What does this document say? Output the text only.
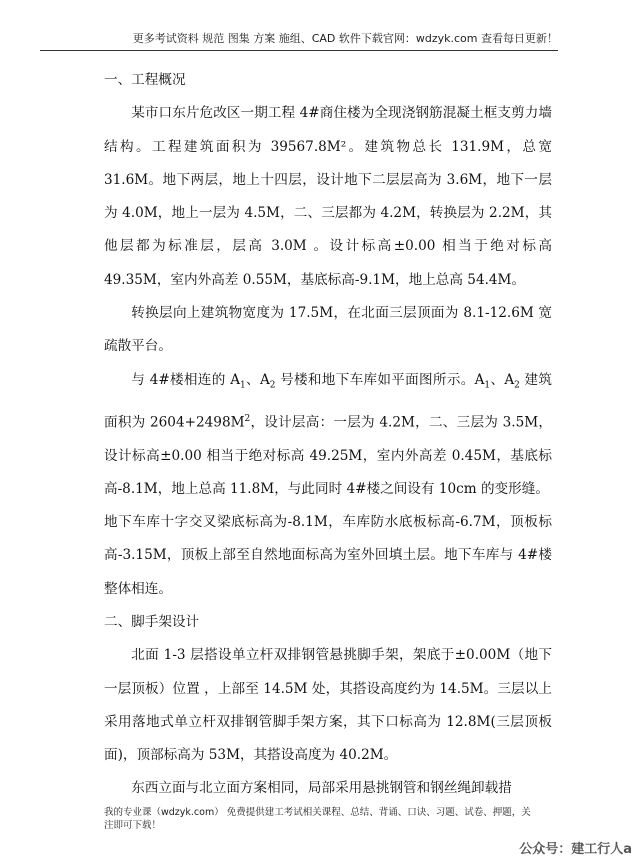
更多考试资料 规范 图集 方案 施组、CAD 软件下载官网：wdzyk.com 查看每日更新！
一、工程概况

某市口东片危改区一期工程 4#商住楼为全现浇钢筋混凝土框支剪力墙结构。工程建筑面积为 39567.8M²。建筑物总长 131.9M，总宽 31.6M。地下两层，地上十四层，设计地下二层层高为 3.6M，地下一层为 4.0M，地上一层为 4.5M，二、三层都为 4.2M，转换层为 2.2M，其他层都为标准层，层高 3.0M 。设计标高±0.00 相当于绝对标高 49.35M，室内外高差 0.55M，基底标高-9.1M，地上总高 54.4M。

转换层向上建筑物宽度为 17.5M，在北面三层顶面为 8.1-12.6M 宽疏散平台。

与 4#楼相连的 $A_1$、$A_2$ 号楼和地下车库如平面图所示。$A_1$、$A_2$ 建筑面积为 $2604+2498M^2$，设计层高：一层为 4.2M，二、三层为 3.5M，设计标高±0.00 相当于绝对标高 49.25M，室内外高差 0.45M，基底标高-8.1M，地上总高 11.8M，与此同时 4#楼之间设有 10cm 的变形缝。

地下车库十字交叉梁底标高为-8.1M，车库防水底板标高-6.7M，顶板标高-3.15M，顶板上部至自然地面标高为室外回填土层。地下车库与 4#楼整体相连。

二、脚手架设计

北面 1-3 层搭设单立杆双排钢管悬挑脚手架，架底于±0.00M（地下一层顶板）位置 ，上部至 14.5M 处，其搭设高度约为 14.5M。三层以上采用落地式单立杆双排钢管脚手架方案，其下口标高为 12.8M(三层顶板面)，顶部标高为 53M，其搭设高度为 40.2M。

东西立面与北立面方案相同，局部采用悬挑钢管和钢丝绳卸载措

我的专业课（wdzyk.com） 免费提供建工考试相关课程、总结、背诵、口诀、习题、试卷、押题，关注即可下载！
公众号：建工行人a
